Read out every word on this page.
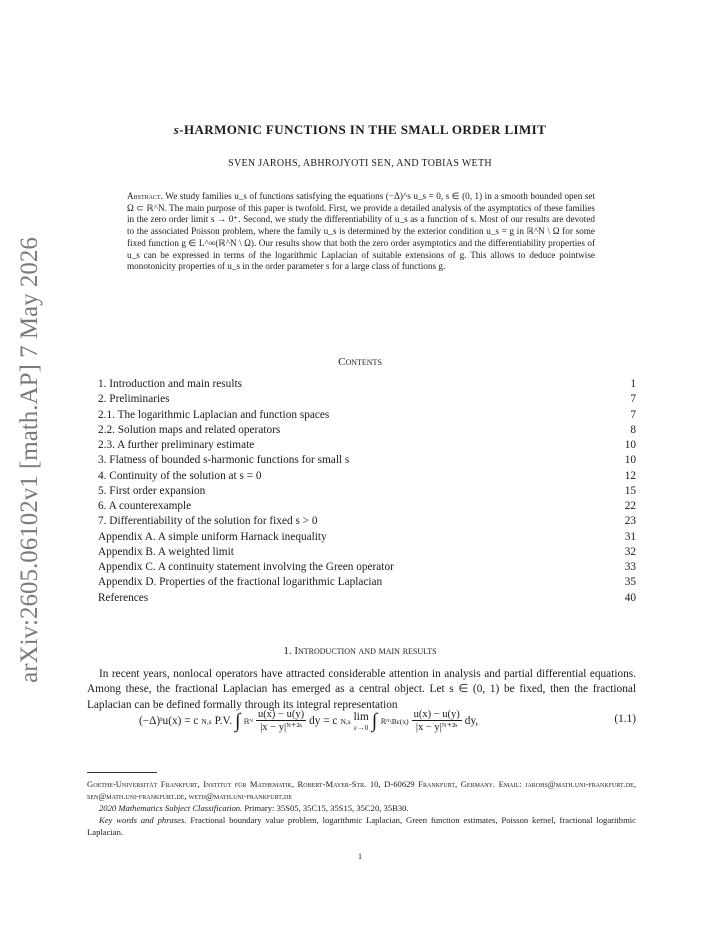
arXiv:2605.06102v1 [math.AP] 7 May 2026
s-HARMONIC FUNCTIONS IN THE SMALL ORDER LIMIT
SVEN JAROHS, ABHROJYOTI SEN, AND TOBIAS WETH
Abstract. We study families u_s of functions satisfying the equations (−Δ)^s u_s = 0, s ∈ (0, 1) in a smooth bounded open set Ω ⊂ ℝ^N. The main purpose of this paper is twofold. First, we provide a detailed analysis of the asymptotics of these families in the zero order limit s → 0⁺. Second, we study the differentiability of u_s as a function of s. Most of our results are devoted to the associated Poisson problem, where the family u_s is determined by the exterior condition u_s = g in ℝ^N \ Ω for some fixed function g ∈ L^∞(ℝ^N \ Ω). Our results show that both the zero order asymptotics and the differentiability properties of u_s can be expressed in terms of the logarithmic Laplacian of suitable extensions of g. This allows to deduce pointwise monotonicity properties of u_s in the order parameter s for a large class of functions g.
Contents
1. Introduction and main results	1
2. Preliminaries	7
2.1. The logarithmic Laplacian and function spaces	7
2.2. Solution maps and related operators	8
2.3. A further preliminary estimate	10
3. Flatness of bounded s-harmonic functions for small s	10
4. Continuity of the solution at s = 0	12
5. First order expansion	15
6. A counterexample	22
7. Differentiability of the solution for fixed s > 0	23
Appendix A. A simple uniform Harnack inequality	31
Appendix B. A weighted limit	32
Appendix C. A continuity statement involving the Green operator	33
Appendix D. Properties of the fractional logarithmic Laplacian	35
References	40
1. Introduction and main results
In recent years, nonlocal operators have attracted considerable attention in analysis and partial differential equations. Among these, the fractional Laplacian has emerged as a central object. Let s ∈ (0, 1) be fixed, then the fractional Laplacian can be defined formally through its integral representation
(−Δ)ˢu(x) = c N,s P.V. ∫ ℝᴺ $\frac{u(x) - u(y)}{\text{|x − y|ᴺ⁺²ˢ}}$ dy = c N,s lim
ε→0 ∫ ℝᴺ\Bε(x) $\frac{u(x) - u(y)}{\text{|x − y|ᴺ⁺²ˢ}}$ dy,	(1.1)

Goethe-Universität Frankfurt, Institut für Mathematik, Robert-Mayer-Str. 10, D-60629 Frankfurt, Germany. Email: jarohs@math.uni-frankfurt.de, sen@math.uni-frankfurt.de, weth@math.uni-frankfurt.de

2020 Mathematics Subject Classification. Primary: 35S05, 35C15, 35S15, 35C20, 35B30.

Key words and phrases. Fractional boundary value problem, logarithmic Laplacian, Green function estimates, Poisson kernel, fractional logarithmic Laplacian.

1
